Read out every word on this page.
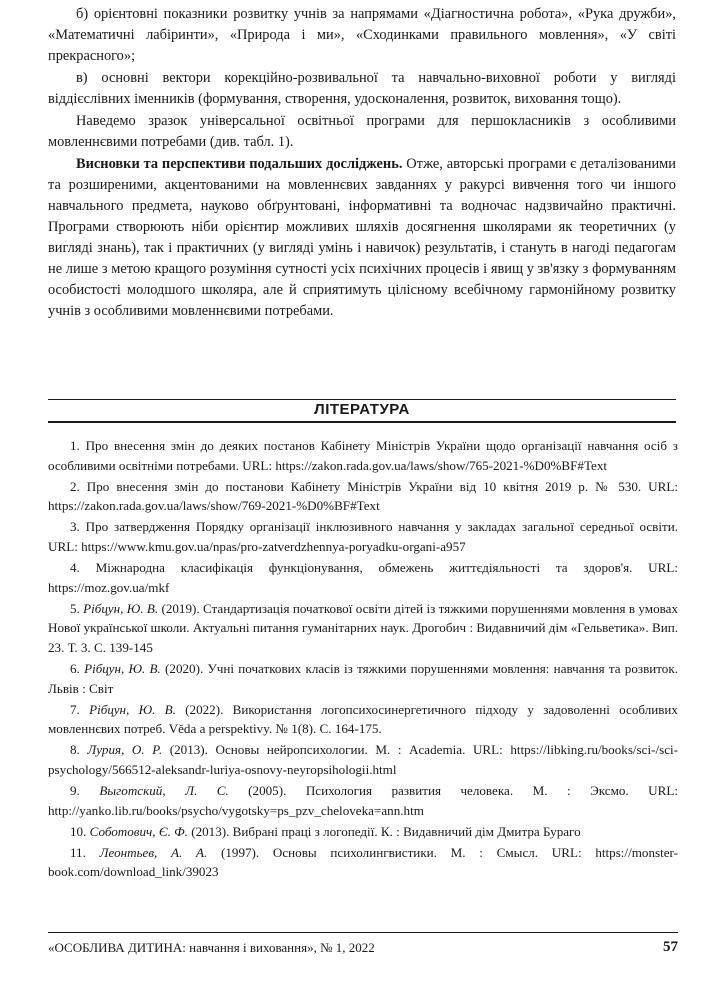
б) орієнтовні показники розвитку учнів за напрямами «Діагностична робота», «Рука дружби», «Математичні лабіринти», «Природа і ми», «Сходинками правильного мовлення», «У світі прекрасного»;

в) основні вектори корекційно-розвивальної та навчально-виховної роботи у вигляді віддієслівних іменників (формування, створення, удосконалення, розвиток, виховання тощо).

Наведемо зразок універсальної освітньої програми для першокласників з особливими мовленнєвими потребами (див. табл. 1).

Висновки та перспективи подальших досліджень. Отже, авторські програми є деталізованими та розширеними, акцентованими на мовленнєвих завданнях у ракурсі вивчення того чи іншого навчального предмета, науково обґрунтовані, інформативні та водночас надзвичайно практичні. Програми створюють ніби орієнтир можливих шляхів досягнення школярами як теоретичних (у вигляді знань), так і практичних (у вигляді умінь і навичок) результатів, і стануть в нагоді педагогам не лише з метою кращого розуміння сутності усіх психічних процесів і явищ у зв'язку з формуванням особистості молодшого школяра, але й сприятимуть цілісному всебічному гармонійному розвитку учнів з особливими мовленнєвими потребами.

ЛІТЕРАТУРА

1. Про внесення змін до деяких постанов Кабінету Міністрів України щодо організації навчання осіб з особливими освітніми потребами. URL: https://zakon.rada.gov.ua/laws/show/765-2021-%D0%BF#Text

2. Про внесення змін до постанови Кабінету Міністрів України від 10 квітня 2019 р. № 530. URL: https://zakon.rada.gov.ua/laws/show/769-2021-%D0%BF#Text

3. Про затвердження Порядку організації інклюзивного навчання у закладах загальної середньої освіти. URL: https://www.kmu.gov.ua/npas/pro-zatverdzhennya-poryadku-organi-a957

4. Міжнародна класифікація функціонування, обмежень життєдіяльності та здоров'я. URL: https://moz.gov.ua/mkf

5. Рібцун, Ю. В. (2019). Стандартизація початкової освіти дітей із тяжкими порушеннями мовлення в умовах Нової української школи. Актуальні питання гуманітарних наук. Дрогобич : Видавничий дім «Гельветика». Вип. 23. Т. 3. С. 139-145

6. Рібцун, Ю. В. (2020). Учні початкових класів із тяжкими порушеннями мовлення: навчання та розвиток. Львів : Світ

7. Рібцун, Ю. В. (2022). Використання логопсихосинергетичного підходу у задоволенні особливих мовленнєвих потреб. Věda a perspektivy. № 1(8). С. 164-175.

8. Лурия, О. Р. (2013). Основы нейропсихологии. М. : Academia. URL: https://libking.ru/books/sci-/sci-psychology/566512-aleksandr-luriya-osnovy-neyropsihologii.html

9. Выготский, Л. С. (2005). Психология развития человека. М. : Эксмо. URL: http://yanko.lib.ru/books/psycho/vygotsky=ps_pzv_cheloveka=ann.htm

10. Соботович, Є. Ф. (2013). Вибрані праці з логопедії. К. : Видавничий дім Дмитра Бураго

11. Леонтьев, А. А. (1997). Основы психолингвистики. М. : Смысл. URL: https://monster-book.com/download_link/39023

«ОСОБЛИВА ДИТИНА: навчання і виховання», № 1, 2022	57
